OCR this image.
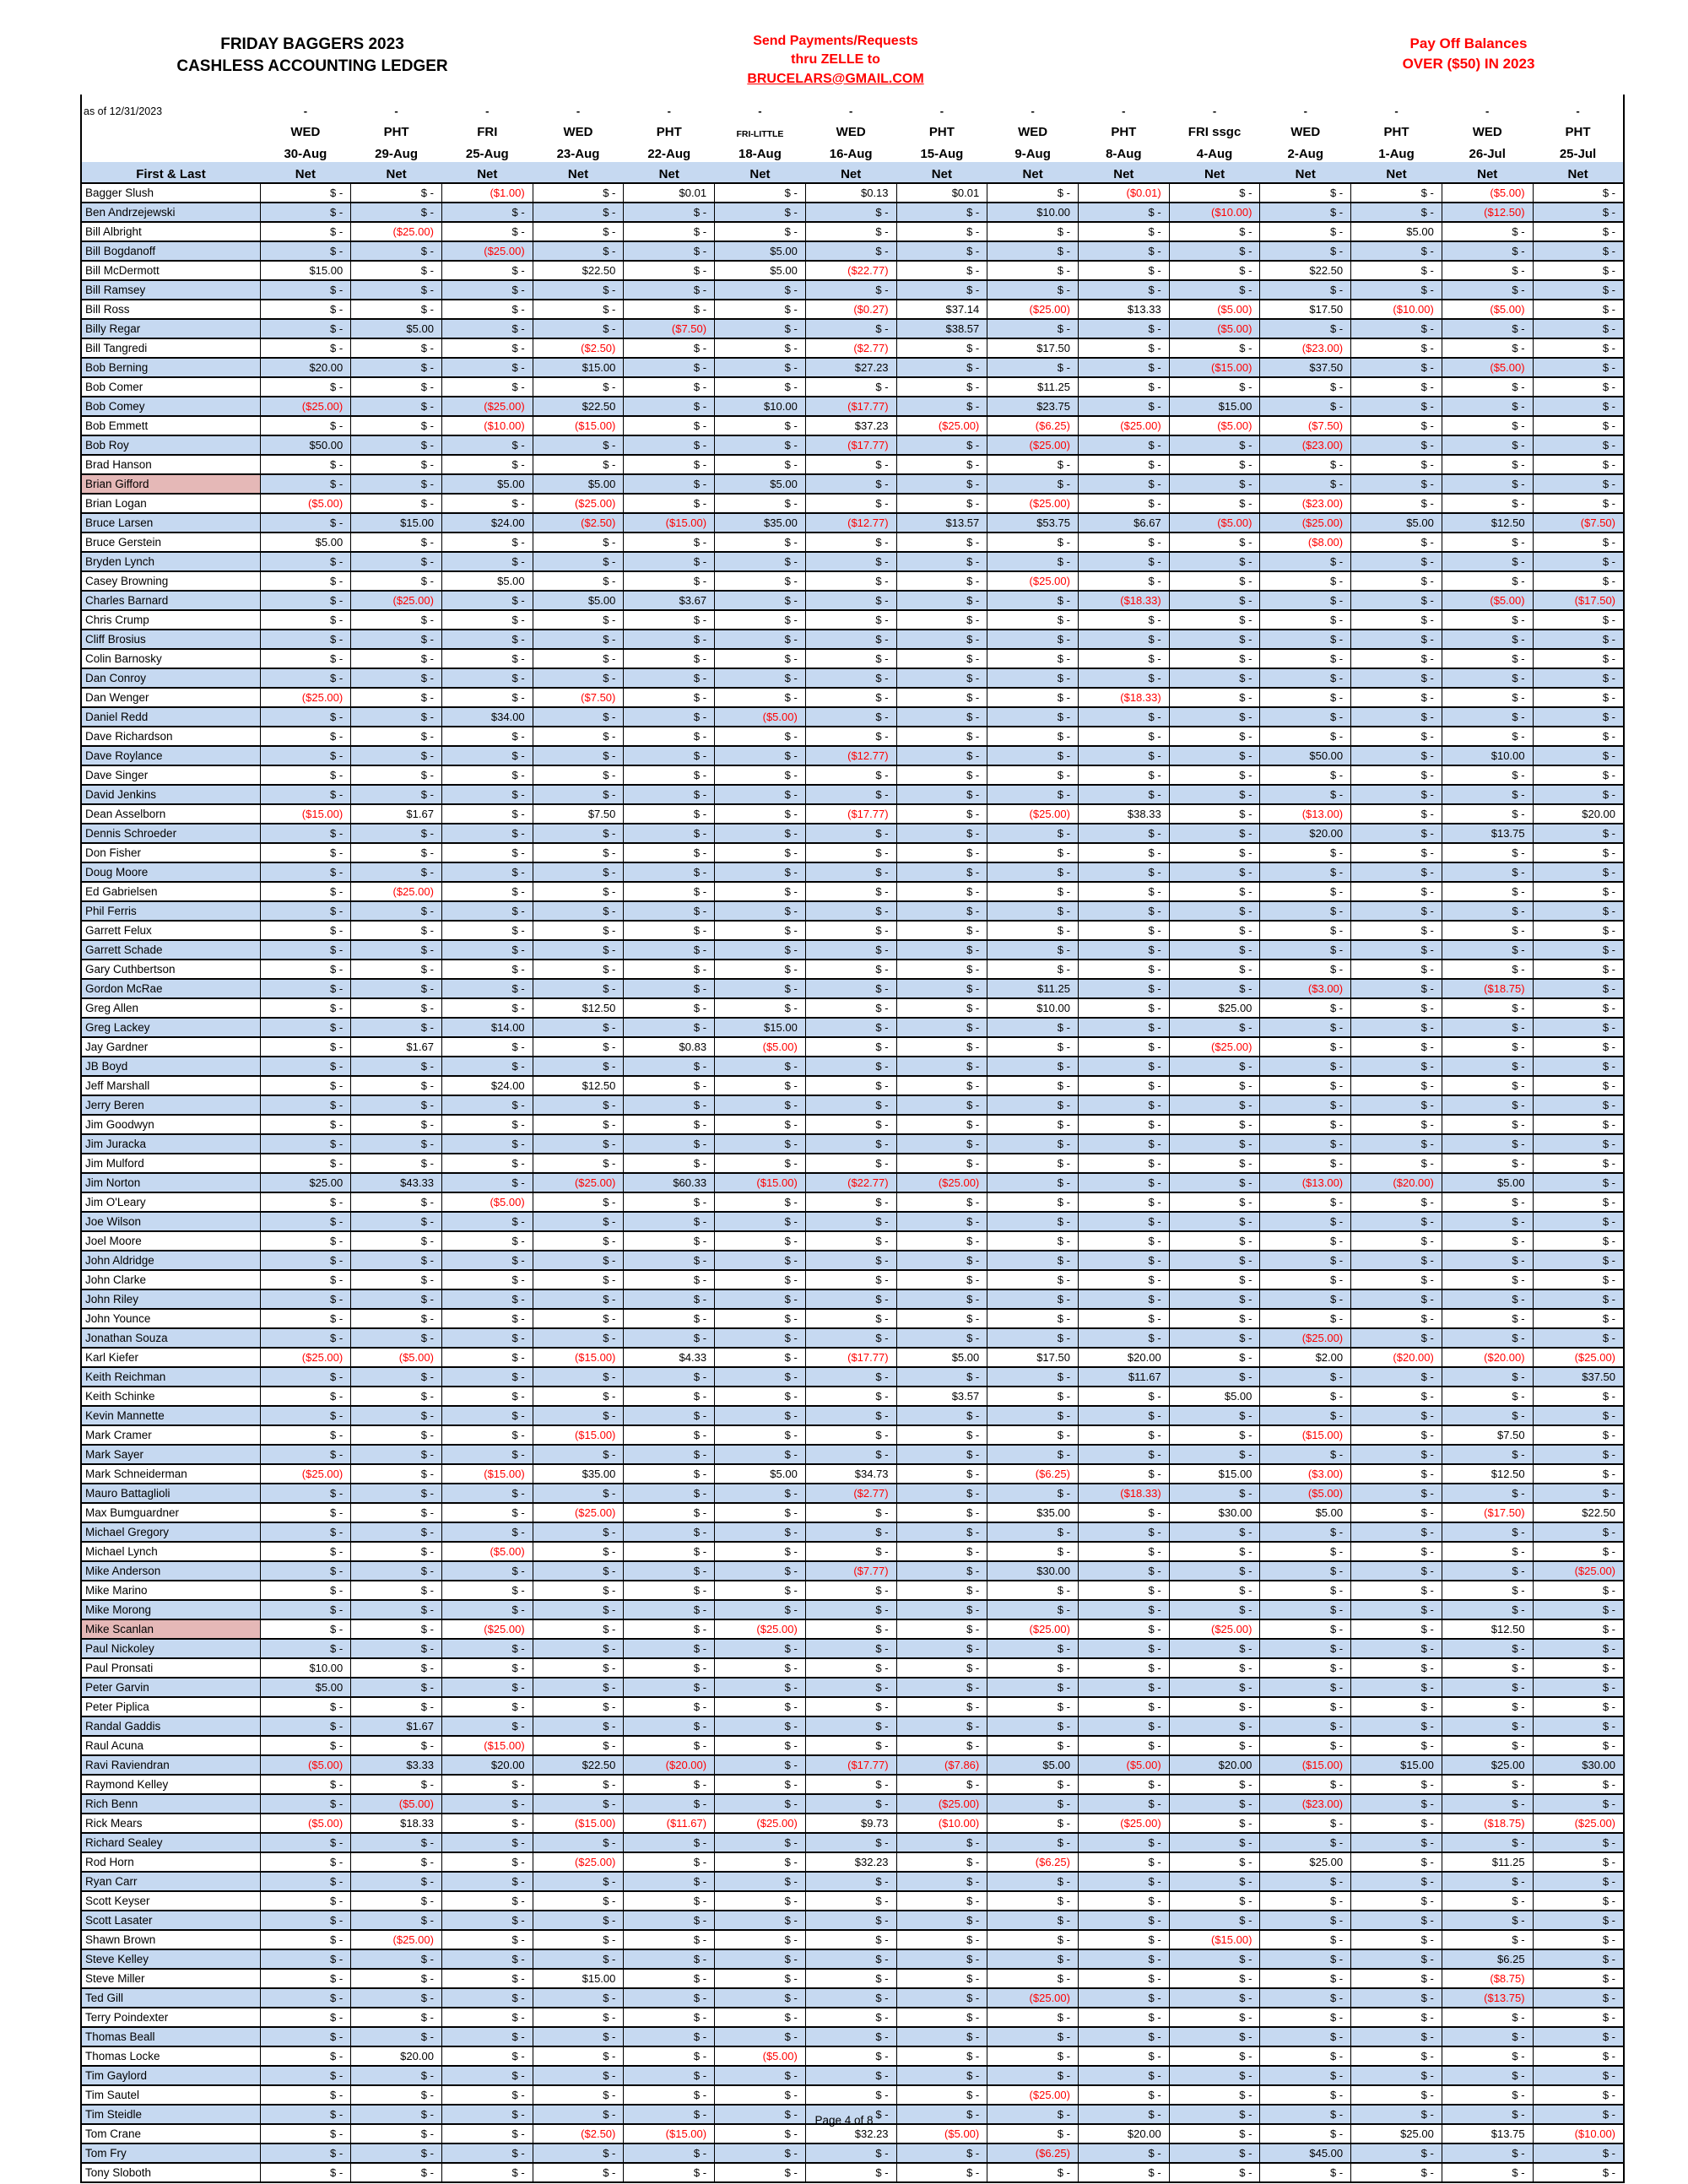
FRIDAY BAGGERS 2023
CASHLESS ACCOUNTING LEDGER
Send Payments/Requests
thru ZELLE to
BRUCELARS@GMAIL.COM
Pay Off Balances
OVER ($50) IN 2023
as of 12/31/2023	-	-	-	-	-	-	-	-	-	-	-	-	-	-	-
	WED	PHT	FRI	WED	PHT	FRI-LITTLE	WED	PHT	WED	PHT	FRI ssgc	WED	PHT	WED	PHT
	30-Aug	29-Aug	25-Aug	23-Aug	22-Aug	18-Aug	16-Aug	15-Aug	9-Aug	8-Aug	4-Aug	2-Aug	1-Aug	26-Jul	25-Jul
First & Last	Net	Net	Net	Net	Net	Net	Net	Net	Net	Net	Net	Net	Net	Net	Net
Bagger Slush	$ -	$ -	($1.00)	$ -	$0.01	$ -	$0.13	$0.01	$ -	($0.01)	$ -	$ -	$ -	($5.00)	$ -
Ben Andrzejewski	$ -	$ -	$ -	$ -	$ -	$ -	$ -	$ -	$10.00	$ -	($10.00)	$ -	$ -	($12.50)	$ -
Bill Albright	$ -	($25.00)	$ -	$ -	$ -	$ -	$ -	$ -	$ -	$ -	$ -	$ -	$5.00	$ -	$ -
Bill Bogdanoff	$ -	$ -	($25.00)	$ -	$ -	$5.00	$ -	$ -	$ -	$ -	$ -	$ -	$ -	$ -	$ -
Bill McDermott	$15.00	$ -	$ -	$22.50	$ -	$5.00	($22.77)	$ -	$ -	$ -	$ -	$22.50	$ -	$ -	$ -
Bill Ramsey	$ -	$ -	$ -	$ -	$ -	$ -	$ -	$ -	$ -	$ -	$ -	$ -	$ -	$ -	$ -
Bill Ross	$ -	$ -	$ -	$ -	$ -	$ -	($0.27)	$37.14	($25.00)	$13.33	($5.00)	$17.50	($10.00)	($5.00)	$ -
Billy Regar	$ -	$5.00	$ -	$ -	($7.50)	$ -	$ -	$38.57	$ -	$ -	($5.00)	$ -	$ -	$ -	$ -
Bill Tangredi	$ -	$ -	$ -	($2.50)	$ -	$ -	($2.77)	$ -	$17.50	$ -	$ -	($23.00)	$ -	$ -	$ -
Bob Berning	$20.00	$ -	$ -	$15.00	$ -	$ -	$27.23	$ -	$ -	$ -	($15.00)	$37.50	$ -	($5.00)	$ -
Bob Comer	$ -	$ -	$ -	$ -	$ -	$ -	$ -	$ -	$11.25	$ -	$ -	$ -	$ -	$ -	$ -
Bob Comey	($25.00)	$ -	($25.00)	$22.50	$ -	$10.00	($17.77)	$ -	$23.75	$ -	$15.00	$ -	$ -	$ -	$ -
Bob Emmett	$ -	$ -	($10.00)	($15.00)	$ -	$ -	$37.23	($25.00)	($6.25)	($25.00)	($5.00)	($7.50)	$ -	$ -	$ -
Bob Roy	$50.00	$ -	$ -	$ -	$ -	$ -	($17.77)	$ -	($25.00)	$ -	$ -	($23.00)	$ -	$ -	$ -
Brad Hanson	$ -	$ -	$ -	$ -	$ -	$ -	$ -	$ -	$ -	$ -	$ -	$ -	$ -	$ -	$ -
Brian Gifford	$ -	$ -	$5.00	$5.00	$ -	$5.00	$ -	$ -	$ -	$ -	$ -	$ -	$ -	$ -	$ -
Brian Logan	($5.00)	$ -	$ -	($25.00)	$ -	$ -	$ -	$ -	($25.00)	$ -	$ -	($23.00)	$ -	$ -	$ -
Bruce Larsen	$ -	$15.00	$24.00	($2.50)	($15.00)	$35.00	($12.77)	$13.57	$53.75	$6.67	($5.00)	($25.00)	$5.00	$12.50	($7.50)
Bruce Gerstein	$5.00	$ -	$ -	$ -	$ -	$ -	$ -	$ -	$ -	$ -	$ -	($8.00)	$ -	$ -	$ -
Bryden Lynch	$ -	$ -	$ -	$ -	$ -	$ -	$ -	$ -	$ -	$ -	$ -	$ -	$ -	$ -	$ -
Casey Browning	$ -	$ -	$5.00	$ -	$ -	$ -	$ -	$ -	($25.00)	$ -	$ -	$ -	$ -	$ -	$ -
Charles Barnard	$ -	($25.00)	$ -	$5.00	$3.67	$ -	$ -	$ -	$ -	($18.33)	$ -	$ -	$ -	($5.00)	($17.50)
Chris Crump	$ -	$ -	$ -	$ -	$ -	$ -	$ -	$ -	$ -	$ -	$ -	$ -	$ -	$ -	$ -
Cliff Brosius	$ -	$ -	$ -	$ -	$ -	$ -	$ -	$ -	$ -	$ -	$ -	$ -	$ -	$ -	$ -
Colin Barnosky	$ -	$ -	$ -	$ -	$ -	$ -	$ -	$ -	$ -	$ -	$ -	$ -	$ -	$ -	$ -
Dan Conroy	$ -	$ -	$ -	$ -	$ -	$ -	$ -	$ -	$ -	$ -	$ -	$ -	$ -	$ -	$ -
Dan Wenger	($25.00)	$ -	$ -	($7.50)	$ -	$ -	$ -	$ -	$ -	($18.33)	$ -	$ -	$ -	$ -	$ -
Daniel Redd	$ -	$ -	$34.00	$ -	$ -	($5.00)	$ -	$ -	$ -	$ -	$ -	$ -	$ -	$ -	$ -
Dave Richardson	$ -	$ -	$ -	$ -	$ -	$ -	$ -	$ -	$ -	$ -	$ -	$ -	$ -	$ -	$ -
Dave Roylance	$ -	$ -	$ -	$ -	$ -	$ -	($12.77)	$ -	$ -	$ -	$ -	$50.00	$ -	$10.00	$ -
Dave Singer	$ -	$ -	$ -	$ -	$ -	$ -	$ -	$ -	$ -	$ -	$ -	$ -	$ -	$ -	$ -
David Jenkins	$ -	$ -	$ -	$ -	$ -	$ -	$ -	$ -	$ -	$ -	$ -	$ -	$ -	$ -	$ -
Dean Asselborn	($15.00)	$1.67	$ -	$7.50	$ -	$ -	($17.77)	$ -	($25.00)	$38.33	$ -	($13.00)	$ -	$ -	$20.00
Dennis Schroeder	$ -	$ -	$ -	$ -	$ -	$ -	$ -	$ -	$ -	$ -	$ -	$20.00	$ -	$13.75	$ -
Don Fisher	$ -	$ -	$ -	$ -	$ -	$ -	$ -	$ -	$ -	$ -	$ -	$ -	$ -	$ -	$ -
Doug Moore	$ -	$ -	$ -	$ -	$ -	$ -	$ -	$ -	$ -	$ -	$ -	$ -	$ -	$ -	$ -
Ed Gabrielsen	$ -	($25.00)	$ -	$ -	$ -	$ -	$ -	$ -	$ -	$ -	$ -	$ -	$ -	$ -	$ -
Phil Ferris	$ -	$ -	$ -	$ -	$ -	$ -	$ -	$ -	$ -	$ -	$ -	$ -	$ -	$ -	$ -
Garrett Felux	$ -	$ -	$ -	$ -	$ -	$ -	$ -	$ -	$ -	$ -	$ -	$ -	$ -	$ -	$ -
Garrett Schade	$ -	$ -	$ -	$ -	$ -	$ -	$ -	$ -	$ -	$ -	$ -	$ -	$ -	$ -	$ -
Gary Cuthbertson	$ -	$ -	$ -	$ -	$ -	$ -	$ -	$ -	$ -	$ -	$ -	$ -	$ -	$ -	$ -
Gordon McRae	$ -	$ -	$ -	$ -	$ -	$ -	$ -	$ -	$11.25	$ -	$ -	($3.00)	$ -	($18.75)	$ -
Greg Allen	$ -	$ -	$ -	$12.50	$ -	$ -	$ -	$ -	$10.00	$ -	$25.00	$ -	$ -	$ -	$ -
Greg Lackey	$ -	$ -	$14.00	$ -	$ -	$15.00	$ -	$ -	$ -	$ -	$ -	$ -	$ -	$ -	$ -
Jay Gardner	$ -	$1.67	$ -	$ -	$0.83	($5.00)	$ -	$ -	$ -	$ -	($25.00)	$ -	$ -	$ -	$ -
JB Boyd	$ -	$ -	$ -	$ -	$ -	$ -	$ -	$ -	$ -	$ -	$ -	$ -	$ -	$ -	$ -
Jeff Marshall	$ -	$ -	$24.00	$12.50	$ -	$ -	$ -	$ -	$ -	$ -	$ -	$ -	$ -	$ -	$ -
Jerry Beren	$ -	$ -	$ -	$ -	$ -	$ -	$ -	$ -	$ -	$ -	$ -	$ -	$ -	$ -	$ -
Jim Goodwyn	$ -	$ -	$ -	$ -	$ -	$ -	$ -	$ -	$ -	$ -	$ -	$ -	$ -	$ -	$ -
Jim Juracka	$ -	$ -	$ -	$ -	$ -	$ -	$ -	$ -	$ -	$ -	$ -	$ -	$ -	$ -	$ -
Jim Mulford	$ -	$ -	$ -	$ -	$ -	$ -	$ -	$ -	$ -	$ -	$ -	$ -	$ -	$ -	$ -
Jim Norton	$25.00	$43.33	$ -	($25.00)	$60.33	($15.00)	($22.77)	($25.00)	$ -	$ -	$ -	($13.00)	($20.00)	$5.00	$ -
Jim O'Leary	$ -	$ -	($5.00)	$ -	$ -	$ -	$ -	$ -	$ -	$ -	$ -	$ -	$ -	$ -	$ -
Joe Wilson	$ -	$ -	$ -	$ -	$ -	$ -	$ -	$ -	$ -	$ -	$ -	$ -	$ -	$ -	$ -
Joel Moore	$ -	$ -	$ -	$ -	$ -	$ -	$ -	$ -	$ -	$ -	$ -	$ -	$ -	$ -	$ -
John Aldridge	$ -	$ -	$ -	$ -	$ -	$ -	$ -	$ -	$ -	$ -	$ -	$ -	$ -	$ -	$ -
John Clarke	$ -	$ -	$ -	$ -	$ -	$ -	$ -	$ -	$ -	$ -	$ -	$ -	$ -	$ -	$ -
John Riley	$ -	$ -	$ -	$ -	$ -	$ -	$ -	$ -	$ -	$ -	$ -	$ -	$ -	$ -	$ -
John Younce	$ -	$ -	$ -	$ -	$ -	$ -	$ -	$ -	$ -	$ -	$ -	$ -	$ -	$ -	$ -
Jonathan Souza	$ -	$ -	$ -	$ -	$ -	$ -	$ -	$ -	$ -	$ -	$ -	($25.00)	$ -	$ -	$ -
Karl Kiefer	($25.00)	($5.00)	$ -	($15.00)	$4.33	$ -	($17.77)	$5.00	$17.50	$20.00	$ -	$2.00	($20.00)	($20.00)	($25.00)
Keith Reichman	$ -	$ -	$ -	$ -	$ -	$ -	$ -	$ -	$ -	$11.67	$ -	$ -	$ -	$ -	$37.50
Keith Schinke	$ -	$ -	$ -	$ -	$ -	$ -	$ -	$3.57	$ -	$ -	$5.00	$ -	$ -	$ -	$ -
Kevin Mannette	$ -	$ -	$ -	$ -	$ -	$ -	$ -	$ -	$ -	$ -	$ -	$ -	$ -	$ -	$ -
Mark Cramer	$ -	$ -	$ -	($15.00)	$ -	$ -	$ -	$ -	$ -	$ -	$ -	($15.00)	$ -	$7.50	$ -
Mark Sayer	$ -	$ -	$ -	$ -	$ -	$ -	$ -	$ -	$ -	$ -	$ -	$ -	$ -	$ -	$ -
Mark Schneiderman	($25.00)	$ -	($15.00)	$35.00	$ -	$5.00	$34.73	$ -	($6.25)	$ -	$15.00	($3.00)	$ -	$12.50	$ -
Mauro Battaglioli	$ -	$ -	$ -	$ -	$ -	$ -	($2.77)	$ -	$ -	($18.33)	$ -	($5.00)	$ -	$ -	$ -
Max Bumguardner	$ -	$ -	$ -	($25.00)	$ -	$ -	$ -	$ -	$35.00	$ -	$30.00	$5.00	$ -	($17.50)	$22.50
Michael Gregory	$ -	$ -	$ -	$ -	$ -	$ -	$ -	$ -	$ -	$ -	$ -	$ -	$ -	$ -	$ -
Michael Lynch	$ -	$ -	($5.00)	$ -	$ -	$ -	$ -	$ -	$ -	$ -	$ -	$ -	$ -	$ -	$ -
Mike Anderson	$ -	$ -	$ -	$ -	$ -	$ -	($7.77)	$ -	$30.00	$ -	$ -	$ -	$ -	$ -	($25.00)
Mike Marino	$ -	$ -	$ -	$ -	$ -	$ -	$ -	$ -	$ -	$ -	$ -	$ -	$ -	$ -	$ -
Mike Morong	$ -	$ -	$ -	$ -	$ -	$ -	$ -	$ -	$ -	$ -	$ -	$ -	$ -	$ -	$ -
Mike Scanlan	$ -	$ -	($25.00)	$ -	$ -	($25.00)	$ -	$ -	($25.00)	$ -	($25.00)	$ -	$ -	$12.50	$ -
Paul Nickoley	$ -	$ -	$ -	$ -	$ -	$ -	$ -	$ -	$ -	$ -	$ -	$ -	$ -	$ -	$ -
Paul Pronsati	$10.00	$ -	$ -	$ -	$ -	$ -	$ -	$ -	$ -	$ -	$ -	$ -	$ -	$ -	$ -
Peter Garvin	$5.00	$ -	$ -	$ -	$ -	$ -	$ -	$ -	$ -	$ -	$ -	$ -	$ -	$ -	$ -
Peter Piplica	$ -	$ -	$ -	$ -	$ -	$ -	$ -	$ -	$ -	$ -	$ -	$ -	$ -	$ -	$ -
Randal Gaddis	$ -	$1.67	$ -	$ -	$ -	$ -	$ -	$ -	$ -	$ -	$ -	$ -	$ -	$ -	$ -
Raul Acuna	$ -	$ -	($15.00)	$ -	$ -	$ -	$ -	$ -	$ -	$ -	$ -	$ -	$ -	$ -	$ -
Ravi Raviendran	($5.00)	$3.33	$20.00	$22.50	($20.00)	$ -	($17.77)	($7.86)	$5.00	($5.00)	$20.00	($15.00)	$15.00	$25.00	$30.00
Raymond Kelley	$ -	$ -	$ -	$ -	$ -	$ -	$ -	$ -	$ -	$ -	$ -	$ -	$ -	$ -	$ -
Rich Benn	$ -	($5.00)	$ -	$ -	$ -	$ -	$ -	($25.00)	$ -	$ -	$ -	($23.00)	$ -	$ -	$ -
Rick Mears	($5.00)	$18.33	$ -	($15.00)	($11.67)	($25.00)	$9.73	($10.00)	$ -	($25.00)	$ -	$ -	$ -	($18.75)	($25.00)
Richard Sealey	$ -	$ -	$ -	$ -	$ -	$ -	$ -	$ -	$ -	$ -	$ -	$ -	$ -	$ -	$ -
Rod Horn	$ -	$ -	$ -	($25.00)	$ -	$ -	$32.23	$ -	($6.25)	$ -	$ -	$25.00	$ -	$11.25	$ -
Ryan Carr	$ -	$ -	$ -	$ -	$ -	$ -	$ -	$ -	$ -	$ -	$ -	$ -	$ -	$ -	$ -
Scott Keyser	$ -	$ -	$ -	$ -	$ -	$ -	$ -	$ -	$ -	$ -	$ -	$ -	$ -	$ -	$ -
Scott Lasater	$ -	$ -	$ -	$ -	$ -	$ -	$ -	$ -	$ -	$ -	$ -	$ -	$ -	$ -	$ -
Shawn Brown	$ -	($25.00)	$ -	$ -	$ -	$ -	$ -	$ -	$ -	$ -	($15.00)	$ -	$ -	$ -	$ -
Steve Kelley	$ -	$ -	$ -	$ -	$ -	$ -	$ -	$ -	$ -	$ -	$ -	$ -	$ -	$6.25	$ -
Steve Miller	$ -	$ -	$ -	$15.00	$ -	$ -	$ -	$ -	$ -	$ -	$ -	$ -	$ -	($8.75)	$ -
Ted Gill	$ -	$ -	$ -	$ -	$ -	$ -	$ -	$ -	($25.00)	$ -	$ -	$ -	$ -	($13.75)	$ -
Terry Poindexter	$ -	$ -	$ -	$ -	$ -	$ -	$ -	$ -	$ -	$ -	$ -	$ -	$ -	$ -	$ -
Thomas Beall	$ -	$ -	$ -	$ -	$ -	$ -	$ -	$ -	$ -	$ -	$ -	$ -	$ -	$ -	$ -
Thomas Locke	$ -	$20.00	$ -	$ -	$ -	($5.00)	$ -	$ -	$ -	$ -	$ -	$ -	$ -	$ -	$ -
Tim Gaylord	$ -	$ -	$ -	$ -	$ -	$ -	$ -	$ -	$ -	$ -	$ -	$ -	$ -	$ -	$ -
Tim Sautel	$ -	$ -	$ -	$ -	$ -	$ -	$ -	$ -	($25.00)	$ -	$ -	$ -	$ -	$ -	$ -
Tim Steidle	$ -	$ -	$ -	$ -	$ -	$ -	$ -	$ -	$ -	$ -	$ -	$ -	$ -	$ -	$ -
Tom Crane	$ -	$ -	$ -	($2.50)	($15.00)	$ -	$32.23	($5.00)	$ -	$20.00	$ -	$ -	$25.00	$13.75	($10.00)
Tom Fry	$ -	$ -	$ -	$ -	$ -	$ -	$ -	$ -	($6.25)	$ -	$ -	$45.00	$ -	$ -	$ -
Tony Sloboth	$ -	$ -	$ -	$ -	$ -	$ -	$ -	$ -	$ -	$ -	$ -	$ -	$ -	$ -	$ -
Page 4 of 8
